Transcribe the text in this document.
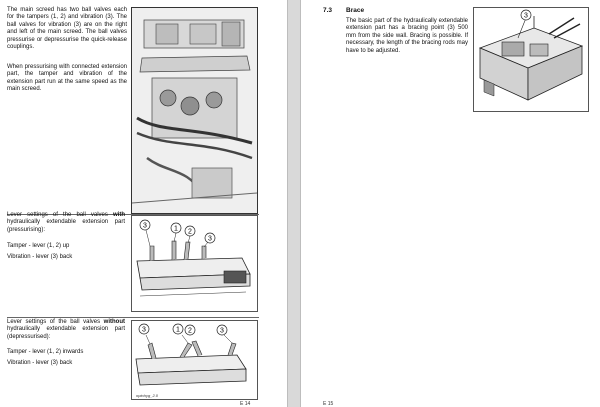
The main screed has two ball valves each for the tampers (1, 2) and vibration (3). The ball valves for vibration (3) are on the right and left of the main screed. The ball valves pressurise or depressurise the quick-release couplings.
When pressurising with connected extension part, the tamper and vibration of the extension part run at the same speed as the main screed.
Lever settings of the ball valves with hydraulically extendable extension part (pressurising):
Tamper - lever (1, 2) up
Vibration - lever (3) back
3	1 2
3
Lever settings of the ball valves without hydraulically extendable extension part (depressurised):
Tamper - lever (1, 2) inwards
Vibration - lever (3) back
3	1 2	3
optohyg_2.0
E 14
7.3 Brace
The basic part of the hydraulically extendable extension part has a bracing point (3) 500 mm from the side wall. Bracing is possible. If necessary, the length of the bracing rods may have to be adjusted.
3
E 15
